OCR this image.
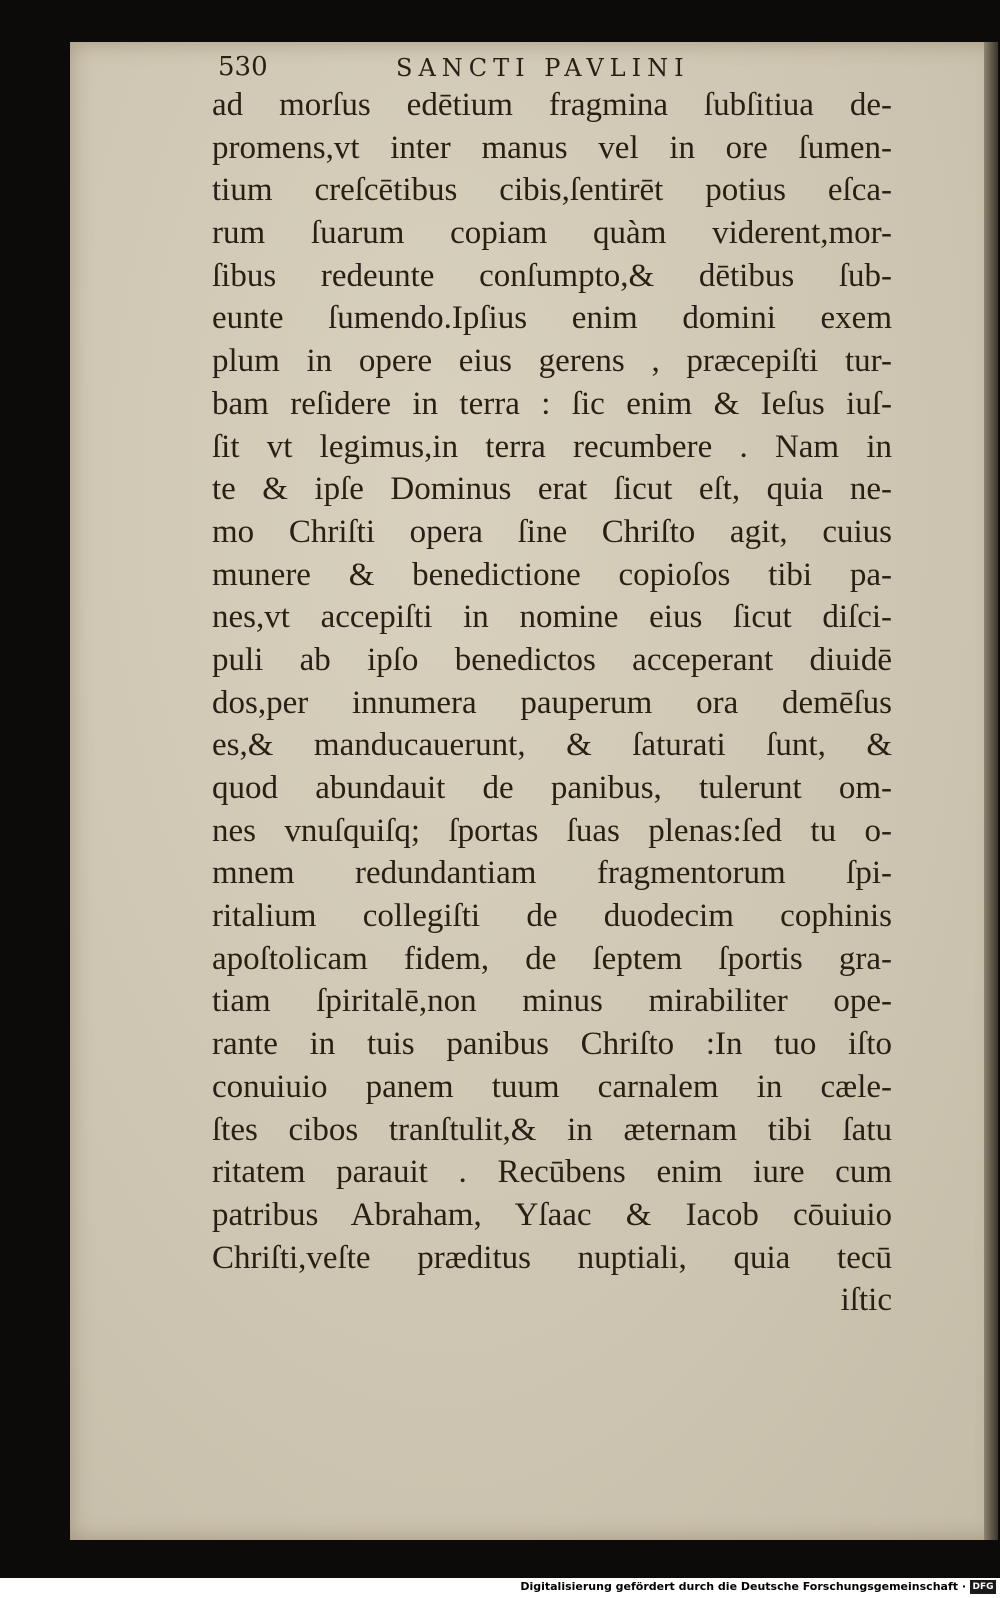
530	SANCTI PAVLINI
ad morſus edētium fragmina ſubſitiua de-
promens,vt inter manus vel in ore ſumen-
tium creſcētibus cibis,ſentirēt potius eſca-
rum ſuarum copiam quàm viderent,mor-
ſibus redeunte conſumpto,& dētibus ſub-
eunte ſumendo.Ipſius enim domini exem
plum in opere eius gerens , præcepiſti tur-
bam reſidere in terra : ſic enim & Ieſus iuſ-
ſit vt legimus,in terra recumbere . Nam in
te & ipſe Dominus erat ſicut eſt, quia ne-
mo Chriſti opera ſine Chriſto agit, cuius
munere & benedictione copioſos tibi pa-
nes,vt accepiſti in nomine eius ſicut diſci-
puli ab ipſo benedictos acceperant diuidē
dos,per innumera pauperum ora demēſus
es,& manducauerunt, & ſaturati ſunt, &
quod abundauit de panibus, tulerunt om-
nes vnuſquiſq; ſportas ſuas plenas:ſed tu o-
mnem redundantiam fragmentorum ſpi-
ritalium collegiſti de duodecim cophinis
apoſtolicam fidem, de ſeptem ſportis gra-
tiam ſpiritalē,non minus mirabiliter ope-
rante in tuis panibus Chriſto :In tuo iſto
conuiuio panem tuum carnalem in cæle-
ſtes cibos tranſtulit,& in æternam tibi ſatu
ritatem parauit . Recūbens enim iure cum
patribus Abraham, Yſaac & Iacob cōuiuio
Chriſti,veſte præditus nuptiali, quia tecū
iſtic
Digitalisierung gefördert durch die Deutsche Forschungsgemeinschaft · DFG
